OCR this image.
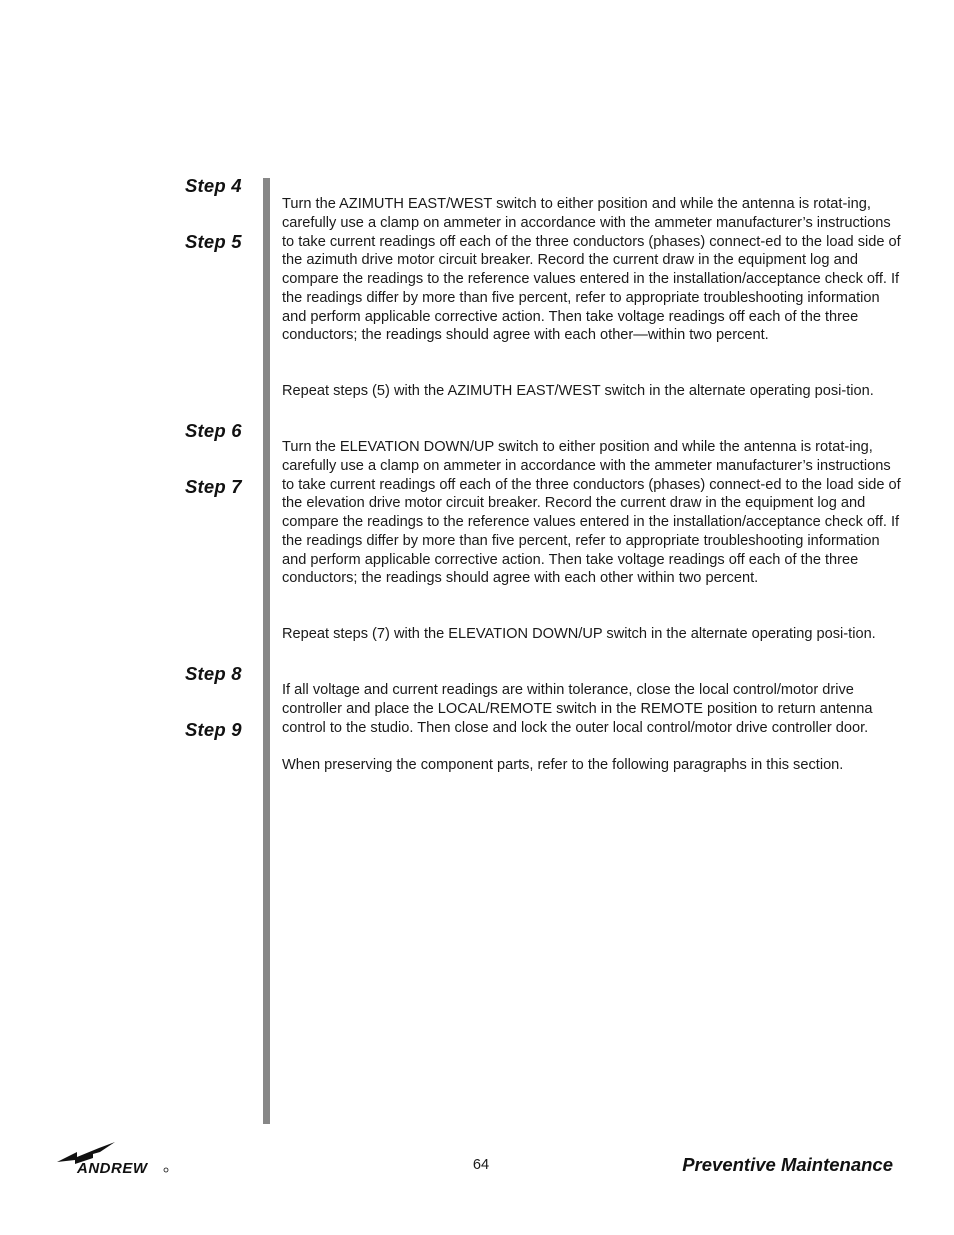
Step 4
Step 5
Step 6
Step 7
Step 8
Step 9

Turn the AZIMUTH EAST/WEST switch to either position and while the antenna is rotat-ing, carefully use a clamp on ammeter in accordance with the ammeter manufacturer’s instructions to take current readings off each of the three conductors (phases) connect-ed to the load side of the azimuth drive motor circuit breaker. Record the current draw in the equipment log and compare the readings to the reference values entered in the installation/acceptance check off. If the readings differ by more than five percent, refer to appropriate troubleshooting information and perform applicable corrective action. Then take voltage readings off each of the three conductors; the readings should agree with each other—within two percent.

Repeat steps (5) with the AZIMUTH EAST/WEST switch in the alternate operating posi-tion.

Turn the ELEVATION DOWN/UP switch to either position and while the antenna is rotat-ing, carefully use a clamp on ammeter in accordance with the ammeter manufacturer’s instructions to take current readings off each of the three conductors (phases) connect-ed to the load side of the elevation drive motor circuit breaker. Record the current draw in the equipment log and compare the readings to the reference values entered in the installation/acceptance check off. If the readings differ by more than five percent, refer to appropriate troubleshooting information and perform applicable corrective action. Then take voltage readings off each of the three conductors; the readings should agree with each other within two percent.

Repeat steps (7) with the ELEVATION DOWN/UP switch in the alternate operating posi-tion.

If all voltage and current readings are within tolerance, close the local control/motor drive controller and place the LOCAL/REMOTE switch in the REMOTE position to return antenna control to the studio. Then close and lock the outer local control/motor drive controller door.

When preserving the component parts, refer to the following paragraphs in this section.

ANDREW	64	Preventive Maintenance
